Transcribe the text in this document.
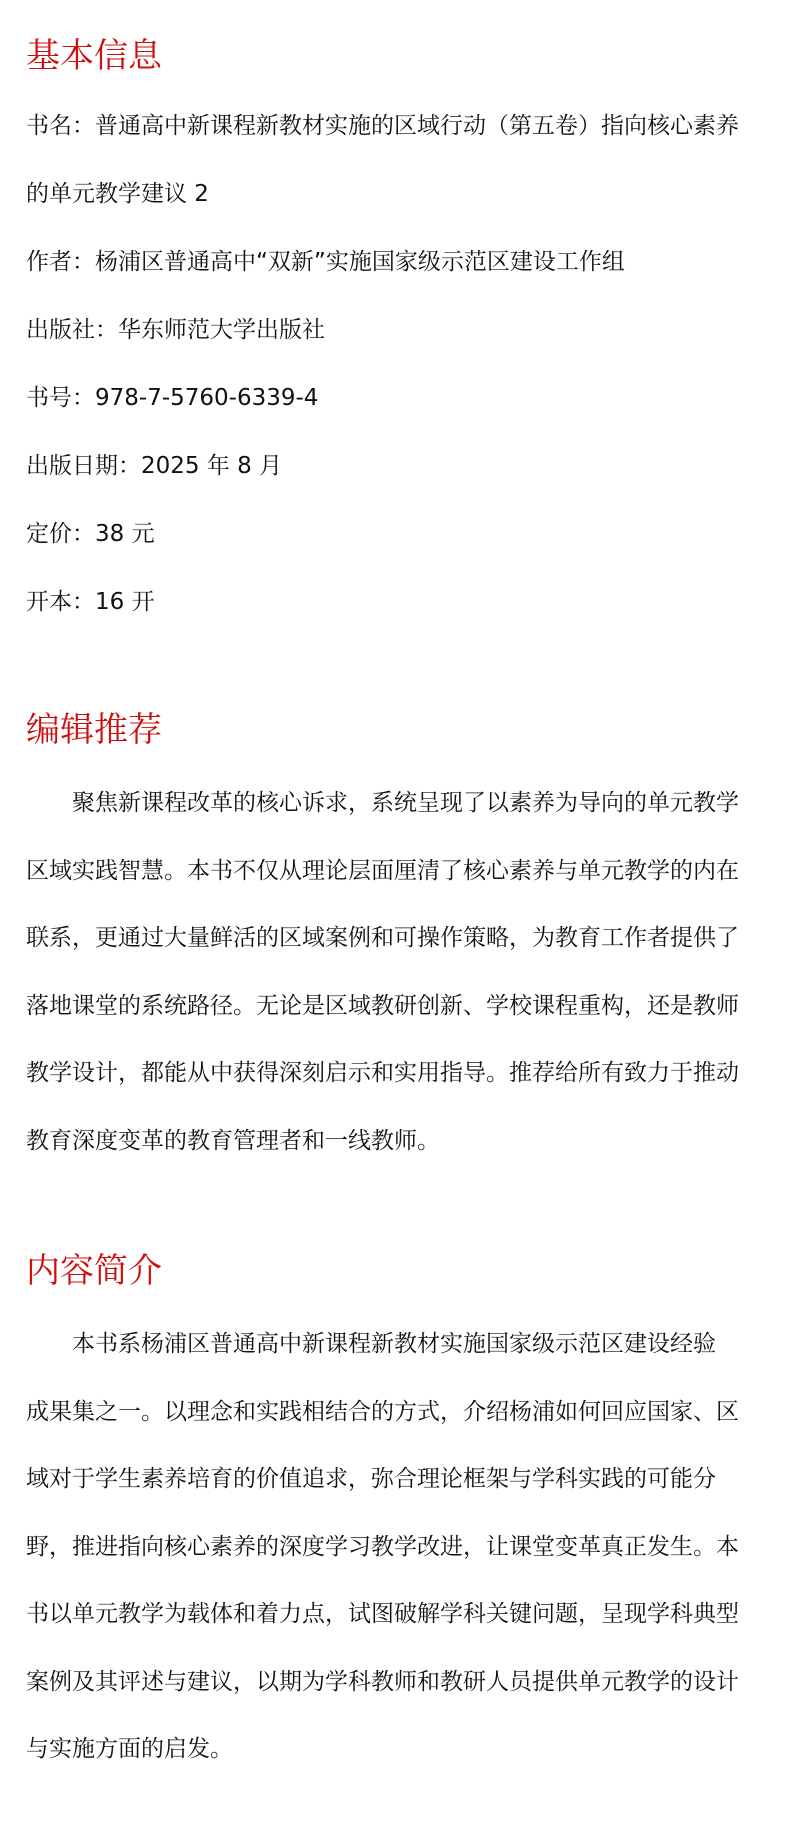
基本信息

书名：普通高中新课程新教材实施的区域行动（第五卷）指向核心素养

的单元教学建议 2

作者：杨浦区普通高中“双新”实施国家级示范区建设工作组

出版社：华东师范大学出版社

书号：978-7-5760-6339-4

出版日期：2025 年 8 月

定价：38 元

开本：16 开

编辑推荐
聚焦新课程改革的核心诉求，系统呈现了以素养为导向的单元教学
区域实践智慧。本书不仅从理论层面厘清了核心素养与单元教学的内在
联系，更通过大量鲜活的区域案例和可操作策略，为教育工作者提供了
落地课堂的系统路径。无论是区域教研创新、学校课程重构，还是教师
教学设计，都能从中获得深刻启示和实用指导。推荐给所有致力于推动
教育深度变革的教育管理者和一线教师。
内容简介
本书系杨浦区普通高中新课程新教材实施国家级示范区建设经验
成果集之一。以理念和实践相结合的方式，介绍杨浦如何回应国家、区
域对于学生素养培育的价值追求，弥合理论框架与学科实践的可能分
野，推进指向核心素养的深度学习教学改进，让课堂变革真正发生。本
书以单元教学为载体和着力点，试图破解学科关键问题，呈现学科典型
案例及其评述与建议，以期为学科教师和教研人员提供单元教学的设计
与实施方面的启发。
